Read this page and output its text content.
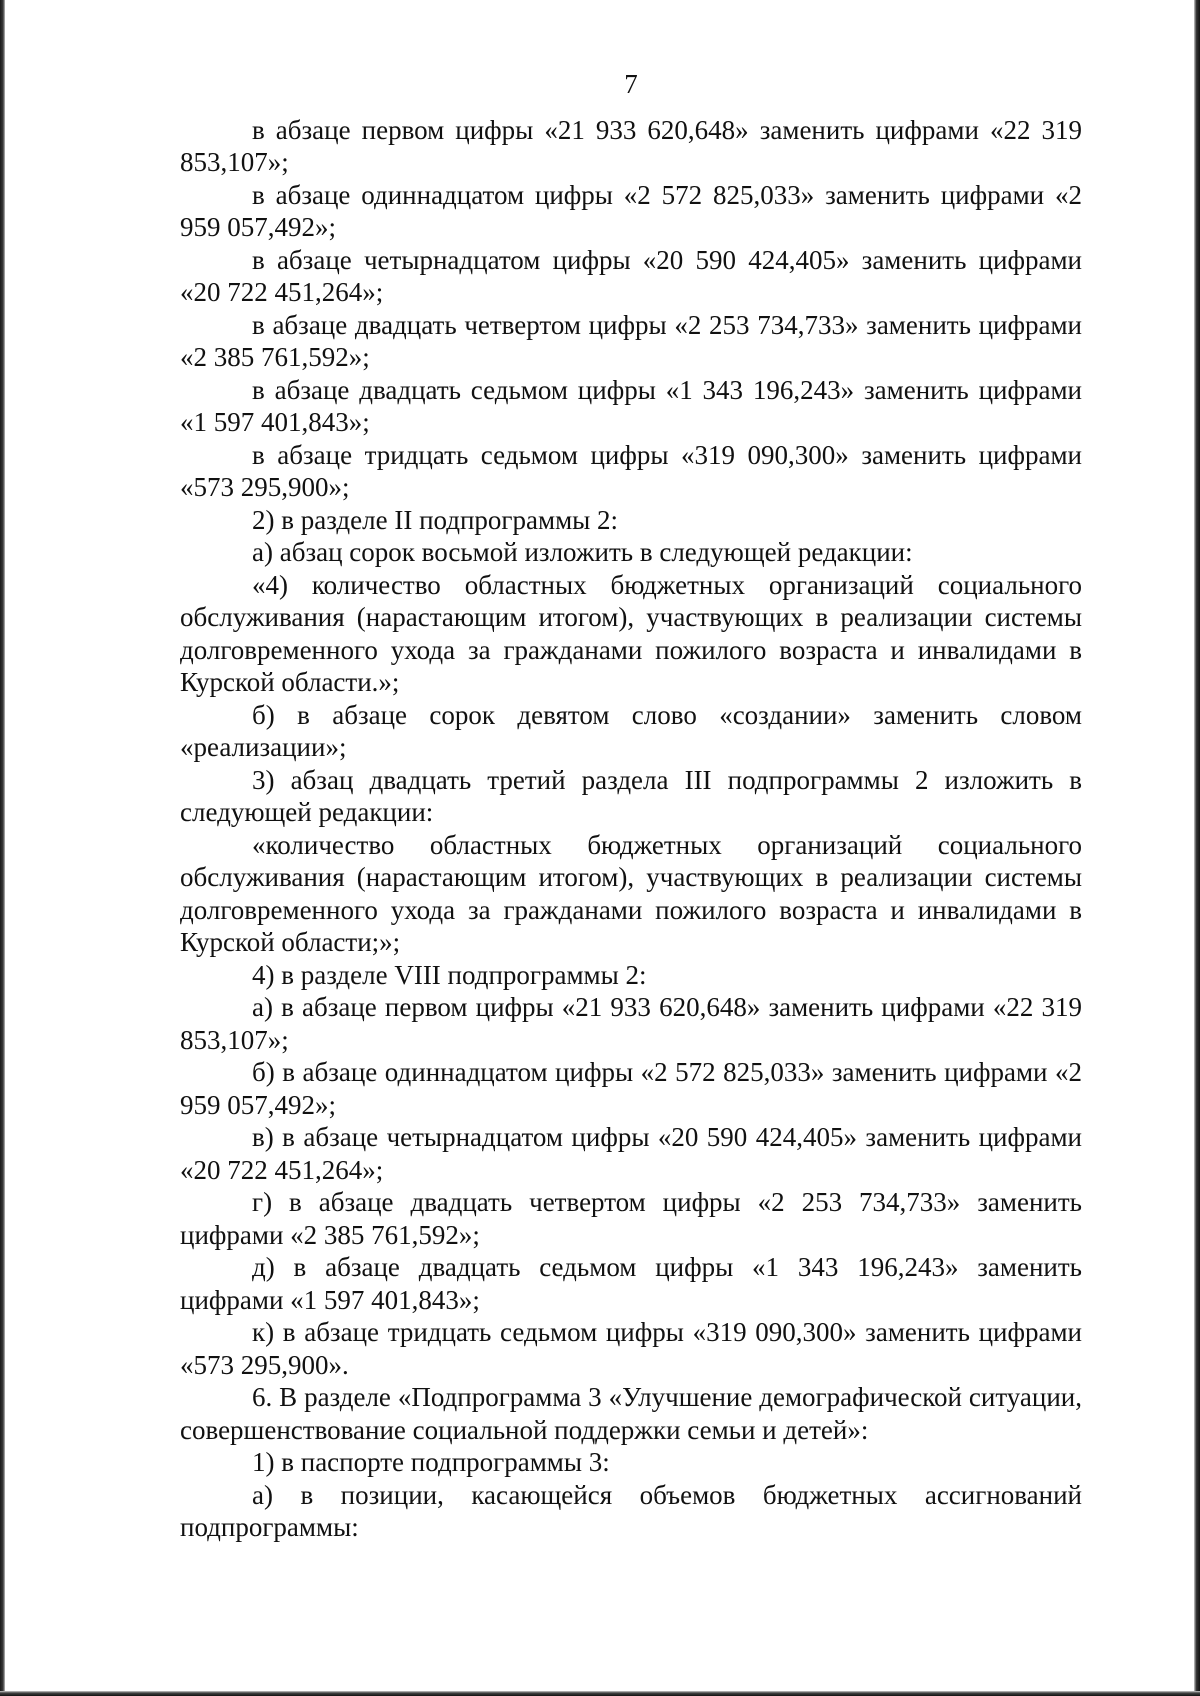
7

в абзаце первом цифры «21 933 620,648» заменить цифрами «22 319 853,107»;

в абзаце одиннадцатом цифры «2 572 825,033» заменить цифрами «2 959 057,492»;

в абзаце четырнадцатом цифры «20 590 424,405» заменить цифрами «20 722 451,264»;

в абзаце двадцать четвертом цифры «2 253 734,733» заменить цифрами «2 385 761,592»;

в абзаце двадцать седьмом цифры «1 343 196,243» заменить цифрами «1 597 401,843»;

в абзаце тридцать седьмом цифры «319 090,300» заменить цифрами «573 295,900»;

2) в разделе II подпрограммы 2:

а) абзац сорок восьмой изложить в следующей редакции:

«4) количество областных бюджетных организаций социального обслуживания (нарастающим итогом), участвующих в реализации системы долговременного ухода за гражданами пожилого возраста и инвалидами в Курской области.»;

б) в абзаце сорок девятом слово «создании» заменить словом «реализации»;

3) абзац двадцать третий раздела III подпрограммы 2 изложить в следующей редакции:

«количество областных бюджетных организаций социального обслуживания (нарастающим итогом), участвующих в реализации системы долговременного ухода за гражданами пожилого возраста и инвалидами в Курской области;»;

4) в разделе VIII подпрограммы 2:

а) в абзаце первом цифры «21 933 620,648» заменить цифрами «22 319 853,107»;

б) в абзаце одиннадцатом цифры «2 572 825,033» заменить цифрами «2 959 057,492»;

в) в абзаце четырнадцатом цифры «20 590 424,405» заменить цифрами «20 722 451,264»;

г) в абзаце двадцать четвертом цифры «2 253 734,733» заменить цифрами «2 385 761,592»;

д) в абзаце двадцать седьмом цифры «1 343 196,243» заменить цифрами «1 597 401,843»;

к) в абзаце тридцать седьмом цифры «319 090,300» заменить цифрами «573 295,900».

6. В разделе «Подпрограмма 3 «Улучшение демографической ситуации, совершенствование социальной поддержки семьи и детей»:

1) в паспорте подпрограммы 3:

а) в позиции, касающейся объемов бюджетных ассигнований подпрограммы:
